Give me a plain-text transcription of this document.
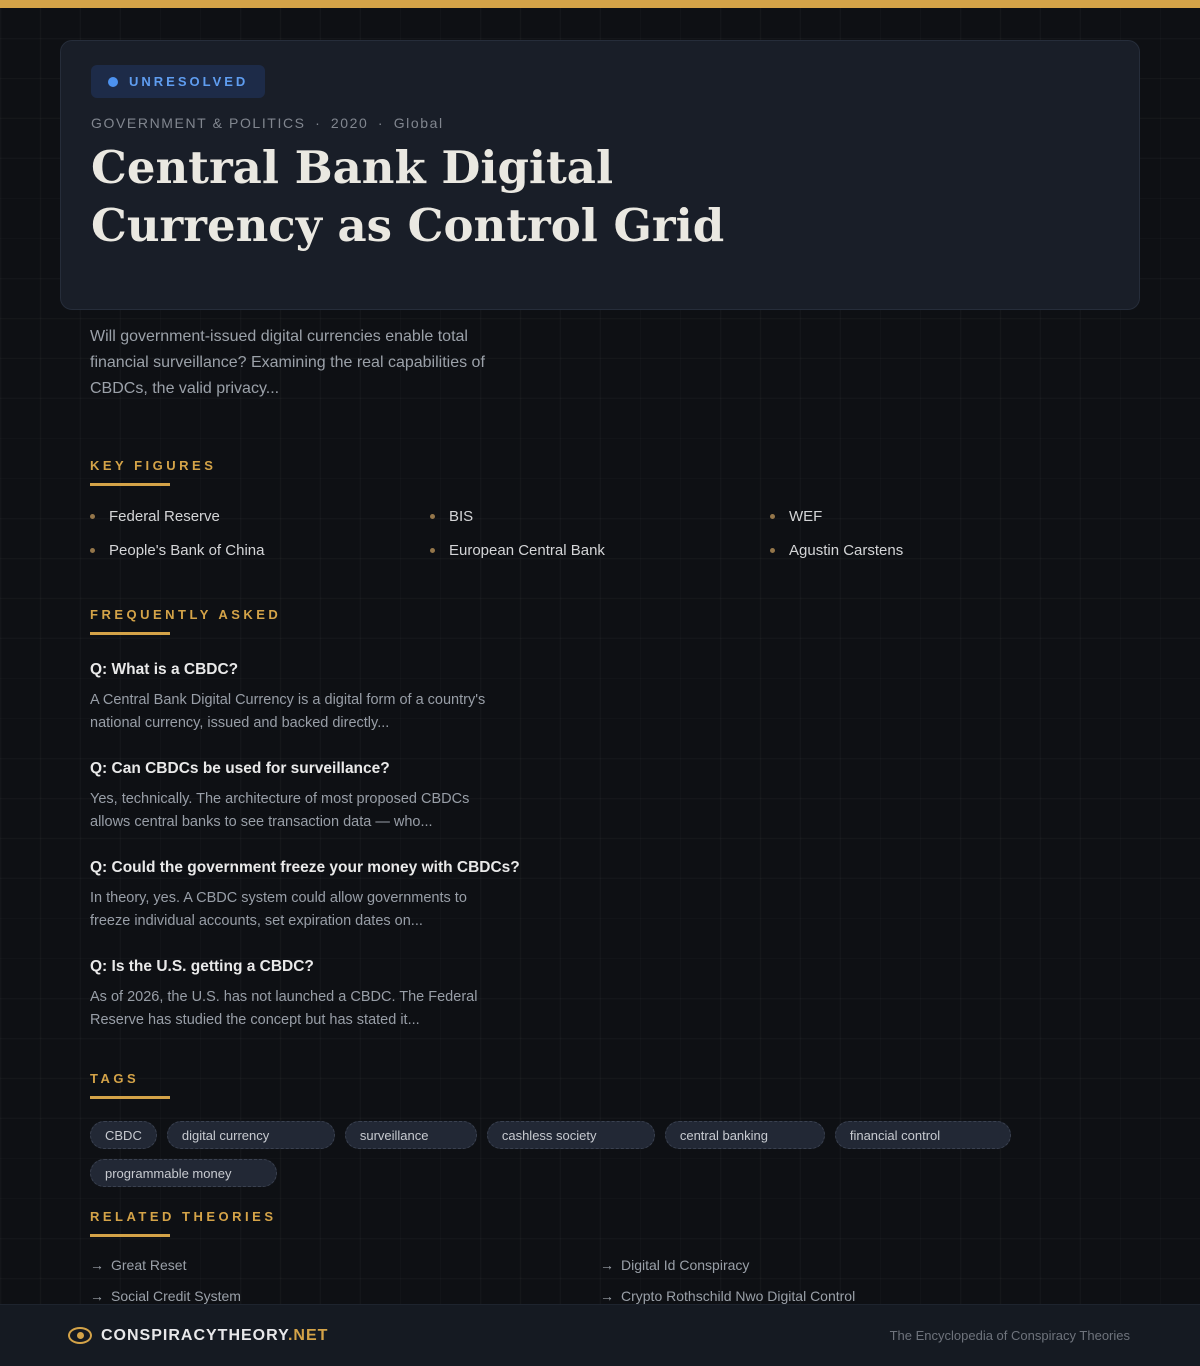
UNRESOLVED
GOVERNMENT & POLITICS · 2020 · Global
Central Bank Digital Currency as Control Grid

Will government-issued digital currencies enable total financial surveillance? Examining the real capabilities of CBDCs, the valid privacy...

KEY FIGURES
Federal Reserve	BIS	WEF
People's Bank of China	European Central Bank	Agustin Carstens
FREQUENTLY ASKED
Q: What is a CBDC?
A Central Bank Digital Currency is a digital form of a country's national currency, issued and backed directly...
Q: Can CBDCs be used for surveillance?
Yes, technically. The architecture of most proposed CBDCs allows central banks to see transaction data — who...
Q: Could the government freeze your money with CBDCs?
In theory, yes. A CBDC system could allow governments to freeze individual accounts, set expiration dates on...
Q: Is the U.S. getting a CBDC?
As of 2026, the U.S. has not launched a CBDC. The Federal Reserve has studied the concept but has stated it...
TAGS
CBDC	digital currency	surveillance	cashless society	central banking	financial control
programmable money
RELATED THEORIES
→ Great Reset	→ Digital Id Conspiracy
→ Social Credit System	→ Crypto Rothschild Nwo Digital Control
CONSPIRACYTHEORY.NET	The Encyclopedia of Conspiracy Theories
